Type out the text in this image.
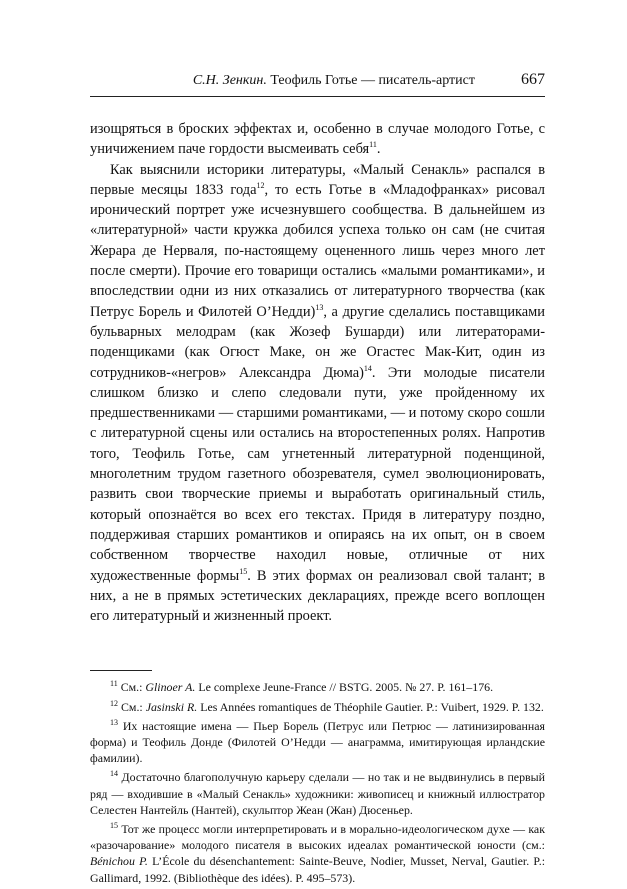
С.Н. Зенкин. Теофиль Готье — писатель-артист	667

изощряться в броских эффектах и, особенно в случае молодого Готье, с уничижением паче гордости высмеивать себя$^{11}$.

Как выяснили историки литературы, «Малый Сенакль» распался в первые месяцы 1833 года$^{12}$, то есть Готье в «Младофранках» рисовал иронический портрет уже исчезнувшего сообщества. В дальнейшем из «литературной» части кружка добился успеха только он сам (не считая Жерара де Нерваля, по-настоящему оцененного лишь через много лет после смерти). Прочие его товарищи остались «малыми романтиками», и впоследствии одни из них отказались от литературного творчества (как Петрус Борель и Филотей О’Недди)$^{13}$, а другие сделались поставщиками бульварных мелодрам (как Жозеф Бушарди) или литераторами-поденщиками (как Огюст Маке, он же Огастес Мак-Кит, один из сотрудников-«негров» Александра Дюма)$^{14}$. Эти молодые писатели слишком близко и слепо следовали пути, уже пройденному их предшественниками — старшими романтиками, — и потому скоро сошли с литературной сцены или остались на второстепенных ролях. Напротив того, Теофиль Готье, сам угнетенный литературной поденщиной, многолетним трудом газетного обозревателя, сумел эволюционировать, развить свои творческие приемы и выработать оригинальный стиль, который опознаётся во всех его текстах. Придя в литературу поздно, поддерживая старших романтиков и опираясь на их опыт, он в своем собственном творчестве находил новые, отличные от них художественные формы$^{15}$. В этих формах он реализовал свой талант; в них, а не в прямых эстетических декларациях, прежде всего воплощен его литературный и жизненный проект.

$^{11}$ См.: Glinoer A. Le complexe Jeune-France // BSTG. 2005. № 27. P. 161–176.

$^{12}$ См.: Jasinski R. Les Années romantiques de Théophile Gautier. P.: Vuibert, 1929. P. 132.

$^{13}$ Их настоящие имена — Пьер Борель (Петрус или Петрюс — латинизированная форма) и Теофиль Донде (Филотей О’Недди — анаграмма, имитирующая ирландские фамилии).

$^{14}$ Достаточно благополучную карьеру сделали — но так и не выдвинулись в первый ряд — входившие в «Малый Сенакль» художники: живописец и книжный иллюстратор Селестен Нантейль (Нантей), скульптор Жеан (Жан) Дюсеньер.

$^{15}$ Тот же процесс могли интерпретировать и в морально-идеологическом духе — как «разочарование» молодого писателя в высоких идеалах романтической юности (см.: Bénichou P. L’École du désenchantement: Sainte-Beuve, Nodier, Musset, Nerval, Gautier. P.: Gallimard, 1992. (Bibliothèque des idées). P. 495–573).
